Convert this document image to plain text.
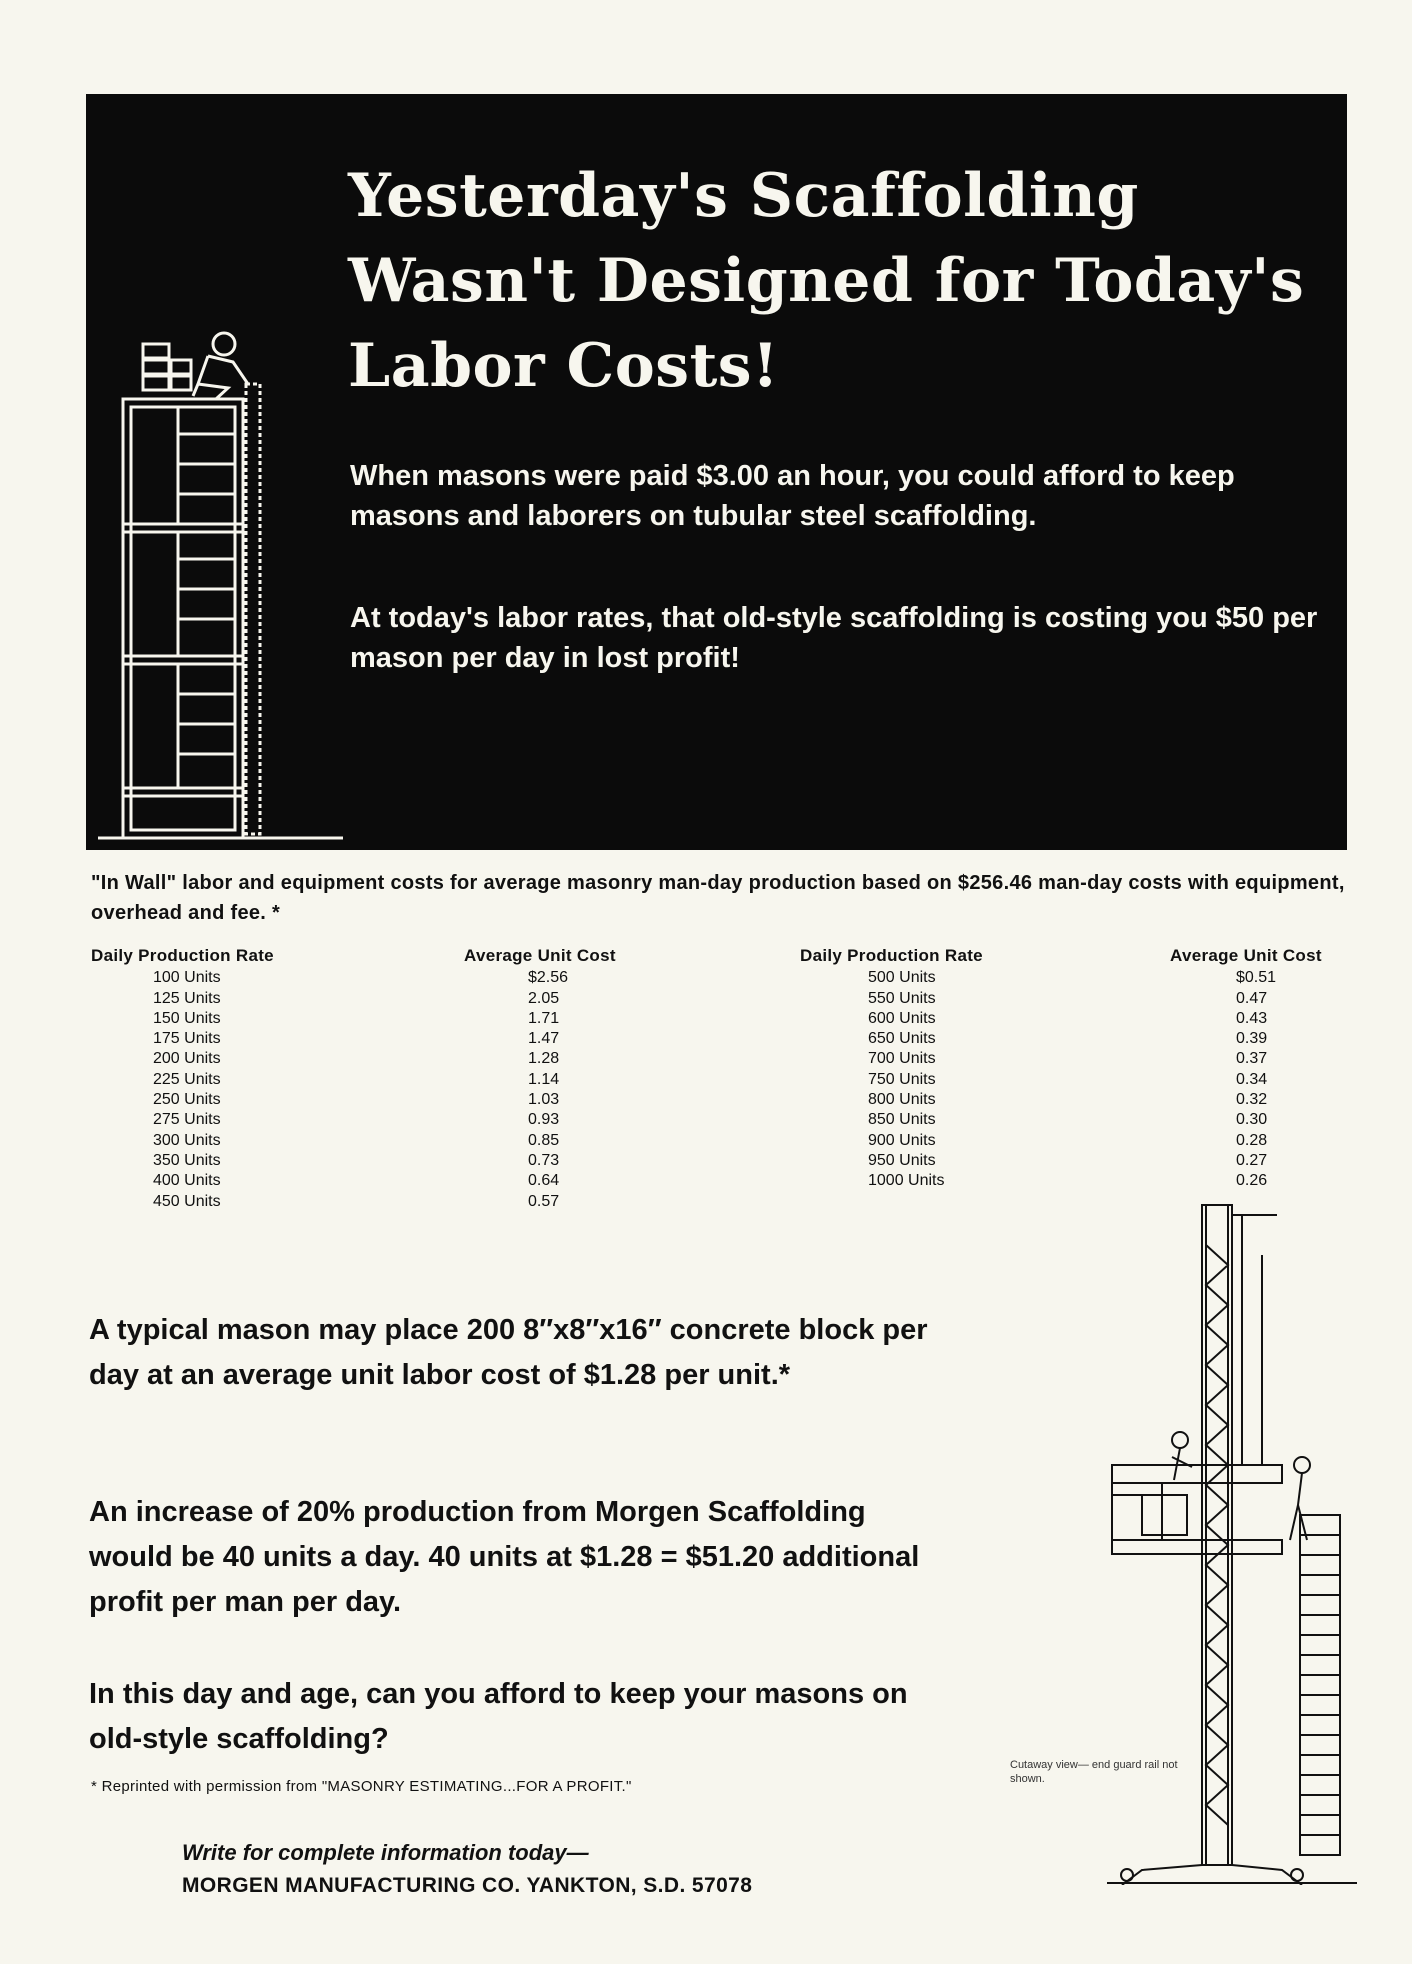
Yesterday's Scaffolding Wasn't Designed for Today's Labor Costs!

When masons were paid $3.00 an hour, you could afford to keep masons and laborers on tubular steel scaffolding.

At today's labor rates, that old-style scaffolding is costing you $50 per mason per day in lost profit!

"In Wall" labor and equipment costs for average masonry man-day production based on $256.46 man-day costs with equipment, overhead and fee. *

Daily Production Rate
100 Units
125 Units
150 Units
175 Units
200 Units
225 Units
250 Units
275 Units
300 Units
350 Units
400 Units
450 Units
Average Unit Cost
$2.56
2.05
1.71
1.47
1.28
1.14
1.03
0.93
0.85
0.73
0.64
0.57
Daily Production Rate
500 Units
550 Units
600 Units
650 Units
700 Units
750 Units
800 Units
850 Units
900 Units
950 Units
1000 Units
Average Unit Cost
$0.51
0.47
0.43
0.39
0.37
0.34
0.32
0.30
0.28
0.27
0.26

A typical mason may place 200 8″x8″x16″ concrete block per day at an average unit labor cost of $1.28 per unit.*

An increase of 20% production from Morgen Scaffolding would be 40 units a day. 40 units at $1.28 = $51.20 additional profit per man per day.

In this day and age, can you afford to keep your masons on old-style scaffolding?

* Reprinted with permission from "MASONRY ESTIMATING...FOR A PROFIT."

Write for complete information today—

MORGEN MANUFACTURING CO. YANKTON, S.D. 57078

Cutaway view— end guard rail not shown.
